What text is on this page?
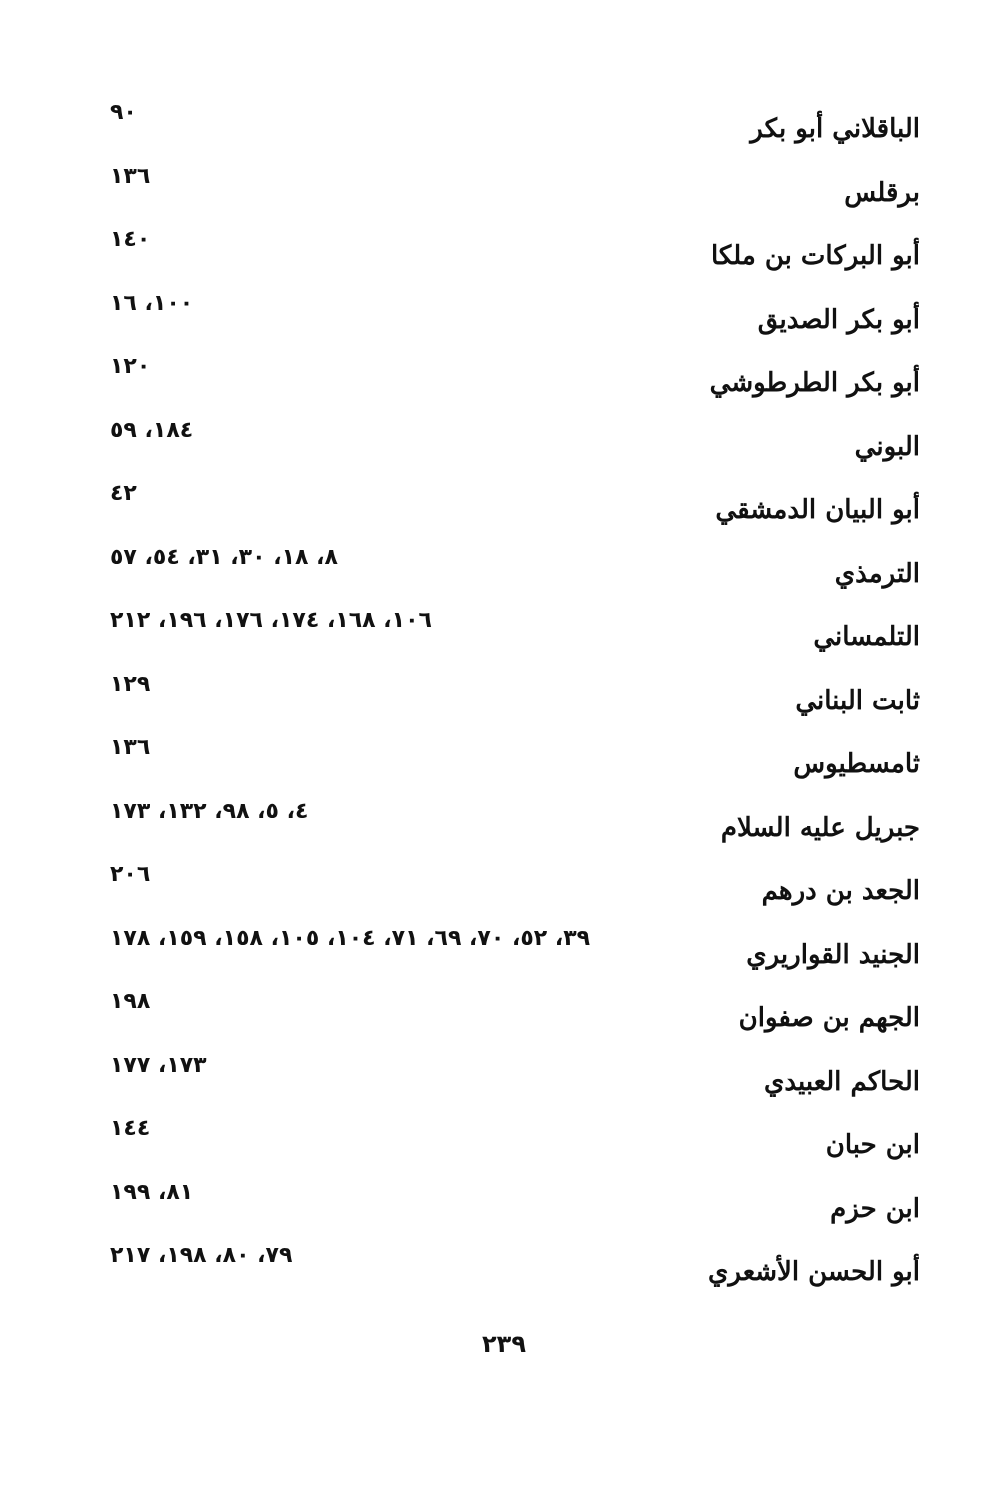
الباقلاني أبو بكر
٩٠
برقلس
١٣٦
أبو البركات بن ملكا
١٤٠
أبو بكر الصديق
١٠٠، ١٦
أبو بكر الطرطوشي
١٢٠
البوني
١٨٤، ٥٩
أبو البيان الدمشقي
٤٢
الترمذي
٨، ١٨، ٣٠، ٣١، ٥٤، ٥٧
التلمساني
١٠٦، ١٦٨، ١٧٤، ١٧٦، ١٩٦، ٢١٢
ثابت البناني
١٢٩
ثامسطيوس
١٣٦
جبريل عليه السلام
٤، ٥، ٩٨، ١٣٢، ١٧٣
الجعد بن درهم
٢٠٦
الجنيد القواريري
٣٩، ٥٢، ٧٠، ٦٩، ٧١، ١٠٤، ١٠٥، ١٥٨، ١٥٩، ١٧٨
الجهم بن صفوان
١٩٨
الحاكم العبيدي
١٧٣، ١٧٧
ابن حبان
١٤٤
ابن حزم
٨١، ١٩٩
أبو الحسن الأشعري
٧٩، ٨٠، ١٩٨، ٢١٧
٢٣٩
